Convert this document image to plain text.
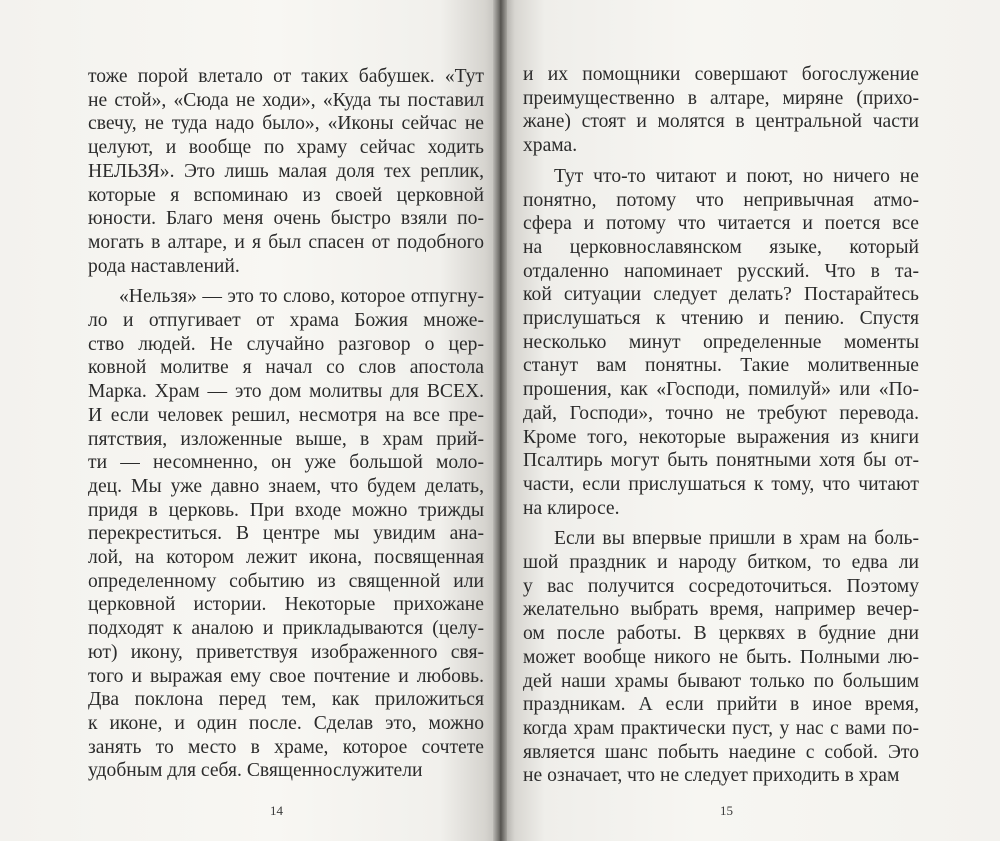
тоже порой влетало от таких бабушек. «Тут
не стой», «Сюда не ходи», «Куда ты поставил
свечу, не туда надо было», «Иконы сейчас не
целуют, и вообще по храму сейчас ходить
НЕЛЬЗЯ». Это лишь малая доля тех реплик,
которые я вспоминаю из своей церковной
юности. Благо меня очень быстро взяли по-
могать в алтаре, и я был спасен от подобного
рода наставлений.
«Нельзя» — это то слово, которое отпугну-
ло и отпугивает от храма Божия множе-
ство людей. Не случайно разговор о цер-
ковной молитве я начал со слов апостола
Марка. Храм — это дом молитвы для ВСЕХ.
И если человек решил, несмотря на все пре-
пятствия, изложенные выше, в храм прий-
ти — несомненно, он уже большой моло-
дец. Мы уже давно знаем, что будем делать,
придя в церковь. При входе можно трижды
перекреститься. В центре мы увидим ана-
лой, на котором лежит икона, посвященная
определенному событию из священной или
церковной истории. Некоторые прихожане
подходят к аналою и прикладываются (целу-
ют) икону, приветствуя изображенного свя-
того и выражая ему свое почтение и любовь.
Два поклона перед тем, как приложиться
к иконе, и один после. Сделав это, можно
занять то место в храме, которое сочтете
удобным для себя. Священнослужители
14
и их помощники совершают богослужение
преимущественно в алтаре, миряне (прихо-
жане) стоят и молятся в центральной части
храма.
Тут что-то читают и поют, но ничего не
понятно, потому что непривычная атмо-
сфера и потому что читается и поется все
на церковнославянском языке, который
отдаленно напоминает русский. Что в та-
кой ситуации следует делать? Постарайтесь
прислушаться к чтению и пению. Спустя
несколько минут определенные моменты
станут вам понятны. Такие молитвенные
прошения, как «Господи, помилуй» или «По-
дай, Господи», точно не требуют перевода.
Кроме того, некоторые выражения из книги
Псалтирь могут быть понятными хотя бы от-
части, если прислушаться к тому, что читают
на клиросе.
Если вы впервые пришли в храм на боль-
шой праздник и народу битком, то едва ли
у вас получится сосредоточиться. Поэтому
желательно выбрать время, например вечер-
ом после работы. В церквях в будние дни
может вообще никого не быть. Полными лю-
дей наши храмы бывают только по большим
праздникам. А если прийти в иное время,
когда храм практически пуст, у нас с вами по-
является шанс побыть наедине с собой. Это
не означает, что не следует приходить в храм
15
